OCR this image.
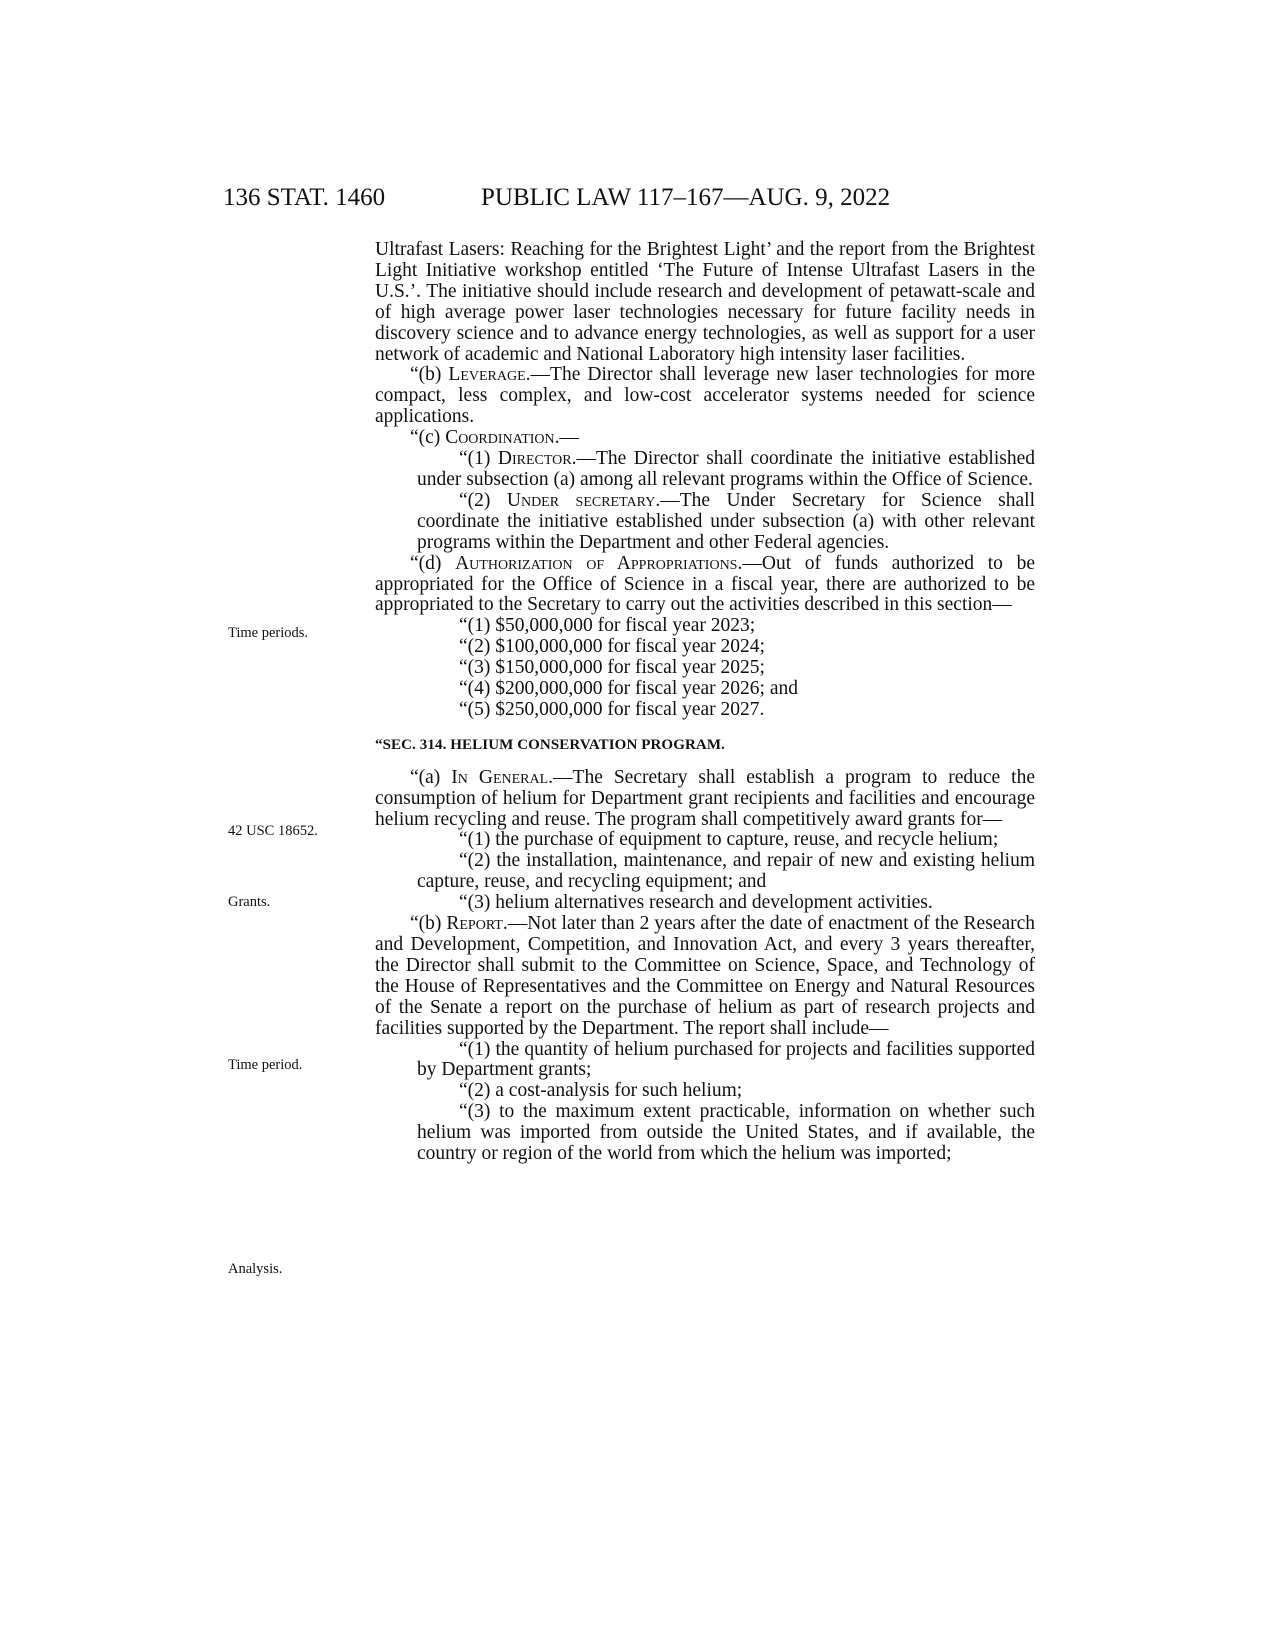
136 STAT. 1460	PUBLIC LAW 117–167—AUG. 9, 2022
Time periods.
42 USC 18652.
Grants.
Time period.
Analysis.

Ultrafast Lasers: Reaching for the Brightest Light’ and the report from the Brightest Light Initiative workshop entitled ‘The Future of Intense Ultrafast Lasers in the U.S.’. The initiative should include research and development of petawatt-scale and of high average power laser technologies necessary for future facility needs in discovery science and to advance energy technologies, as well as support for a user network of academic and National Laboratory high intensity laser facilities.

“(b) Leverage.—The Director shall leverage new laser technologies for more compact, less complex, and low-cost accelerator systems needed for science applications.

“(c) Coordination.—

“(1) Director.—The Director shall coordinate the initiative established under subsection (a) among all relevant programs within the Office of Science.

“(2) Under secretary.—The Under Secretary for Science shall coordinate the initiative established under subsection (a) with other relevant programs within the Department and other Federal agencies.

“(d) Authorization of Appropriations.—Out of funds authorized to be appropriated for the Office of Science in a fiscal year, there are authorized to be appropriated to the Secretary to carry out the activities described in this section—

“(1) $50,000,000 for fiscal year 2023;

“(2) $100,000,000 for fiscal year 2024;

“(3) $150,000,000 for fiscal year 2025;

“(4) $200,000,000 for fiscal year 2026; and

“(5) $250,000,000 for fiscal year 2027.

“SEC. 314. HELIUM CONSERVATION PROGRAM.

“(a) In General.—The Secretary shall establish a program to reduce the consumption of helium for Department grant recipients and facilities and encourage helium recycling and reuse. The program shall competitively award grants for—

“(1) the purchase of equipment to capture, reuse, and recycle helium;

“(2) the installation, maintenance, and repair of new and existing helium capture, reuse, and recycling equipment; and

“(3) helium alternatives research and development activities.

“(b) Report.—Not later than 2 years after the date of enactment of the Research and Development, Competition, and Innovation Act, and every 3 years thereafter, the Director shall submit to the Committee on Science, Space, and Technology of the House of Representatives and the Committee on Energy and Natural Resources of the Senate a report on the purchase of helium as part of research projects and facilities supported by the Department. The report shall include—

“(1) the quantity of helium purchased for projects and facilities supported by Department grants;

“(2) a cost-analysis for such helium;

“(3) to the maximum extent practicable, information on whether such helium was imported from outside the United States, and if available, the country or region of the world from which the helium was imported;
